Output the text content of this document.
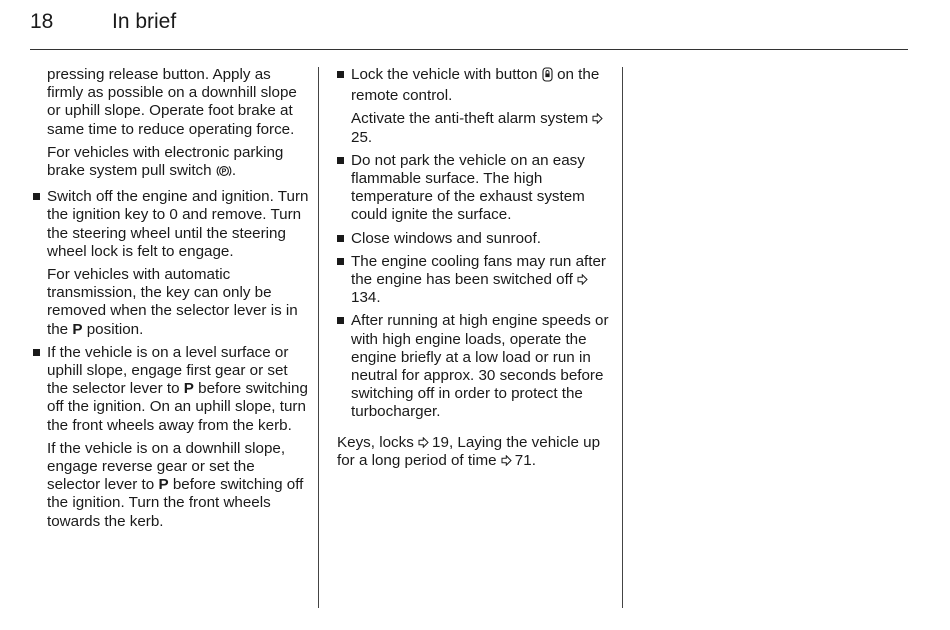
18	In brief

pressing release button. Apply as firmly as possible on a downhill slope or uphill slope. Operate foot brake at same time to reduce operating force.

For vehicles with electronic parking brake system pull switch P .

Switch off the engine and ignition. Turn the ignition key to 0 and remove. Turn the steering wheel until the steering wheel lock is felt to engage.

For vehicles with automatic transmission, the key can only be removed when the selector lever is in the P position.

If the vehicle is on a level surface or uphill slope, engage first gear or set the selector lever to P before switching off the ignition. On an uphill slope, turn the front wheels away from the kerb.

If the vehicle is on a downhill slope, engage reverse gear or set the selector lever to P before switching off the ignition. Turn the front wheels towards the kerb.

Lock the vehicle with button on the remote control.

Activate the anti-theft alarm system 25.

Do not park the vehicle on an easy flammable surface. The high temperature of the exhaust system could ignite the surface.

Close windows and sunroof.

The engine cooling fans may run after the engine has been switched off 134.

After running at high engine speeds or with high engine loads, operate the engine briefly at a low load or run in neutral for approx. 30 seconds before switching off in order to protect the turbocharger.

Keys, locks 19, Laying the vehicle up for a long period of time 71.
